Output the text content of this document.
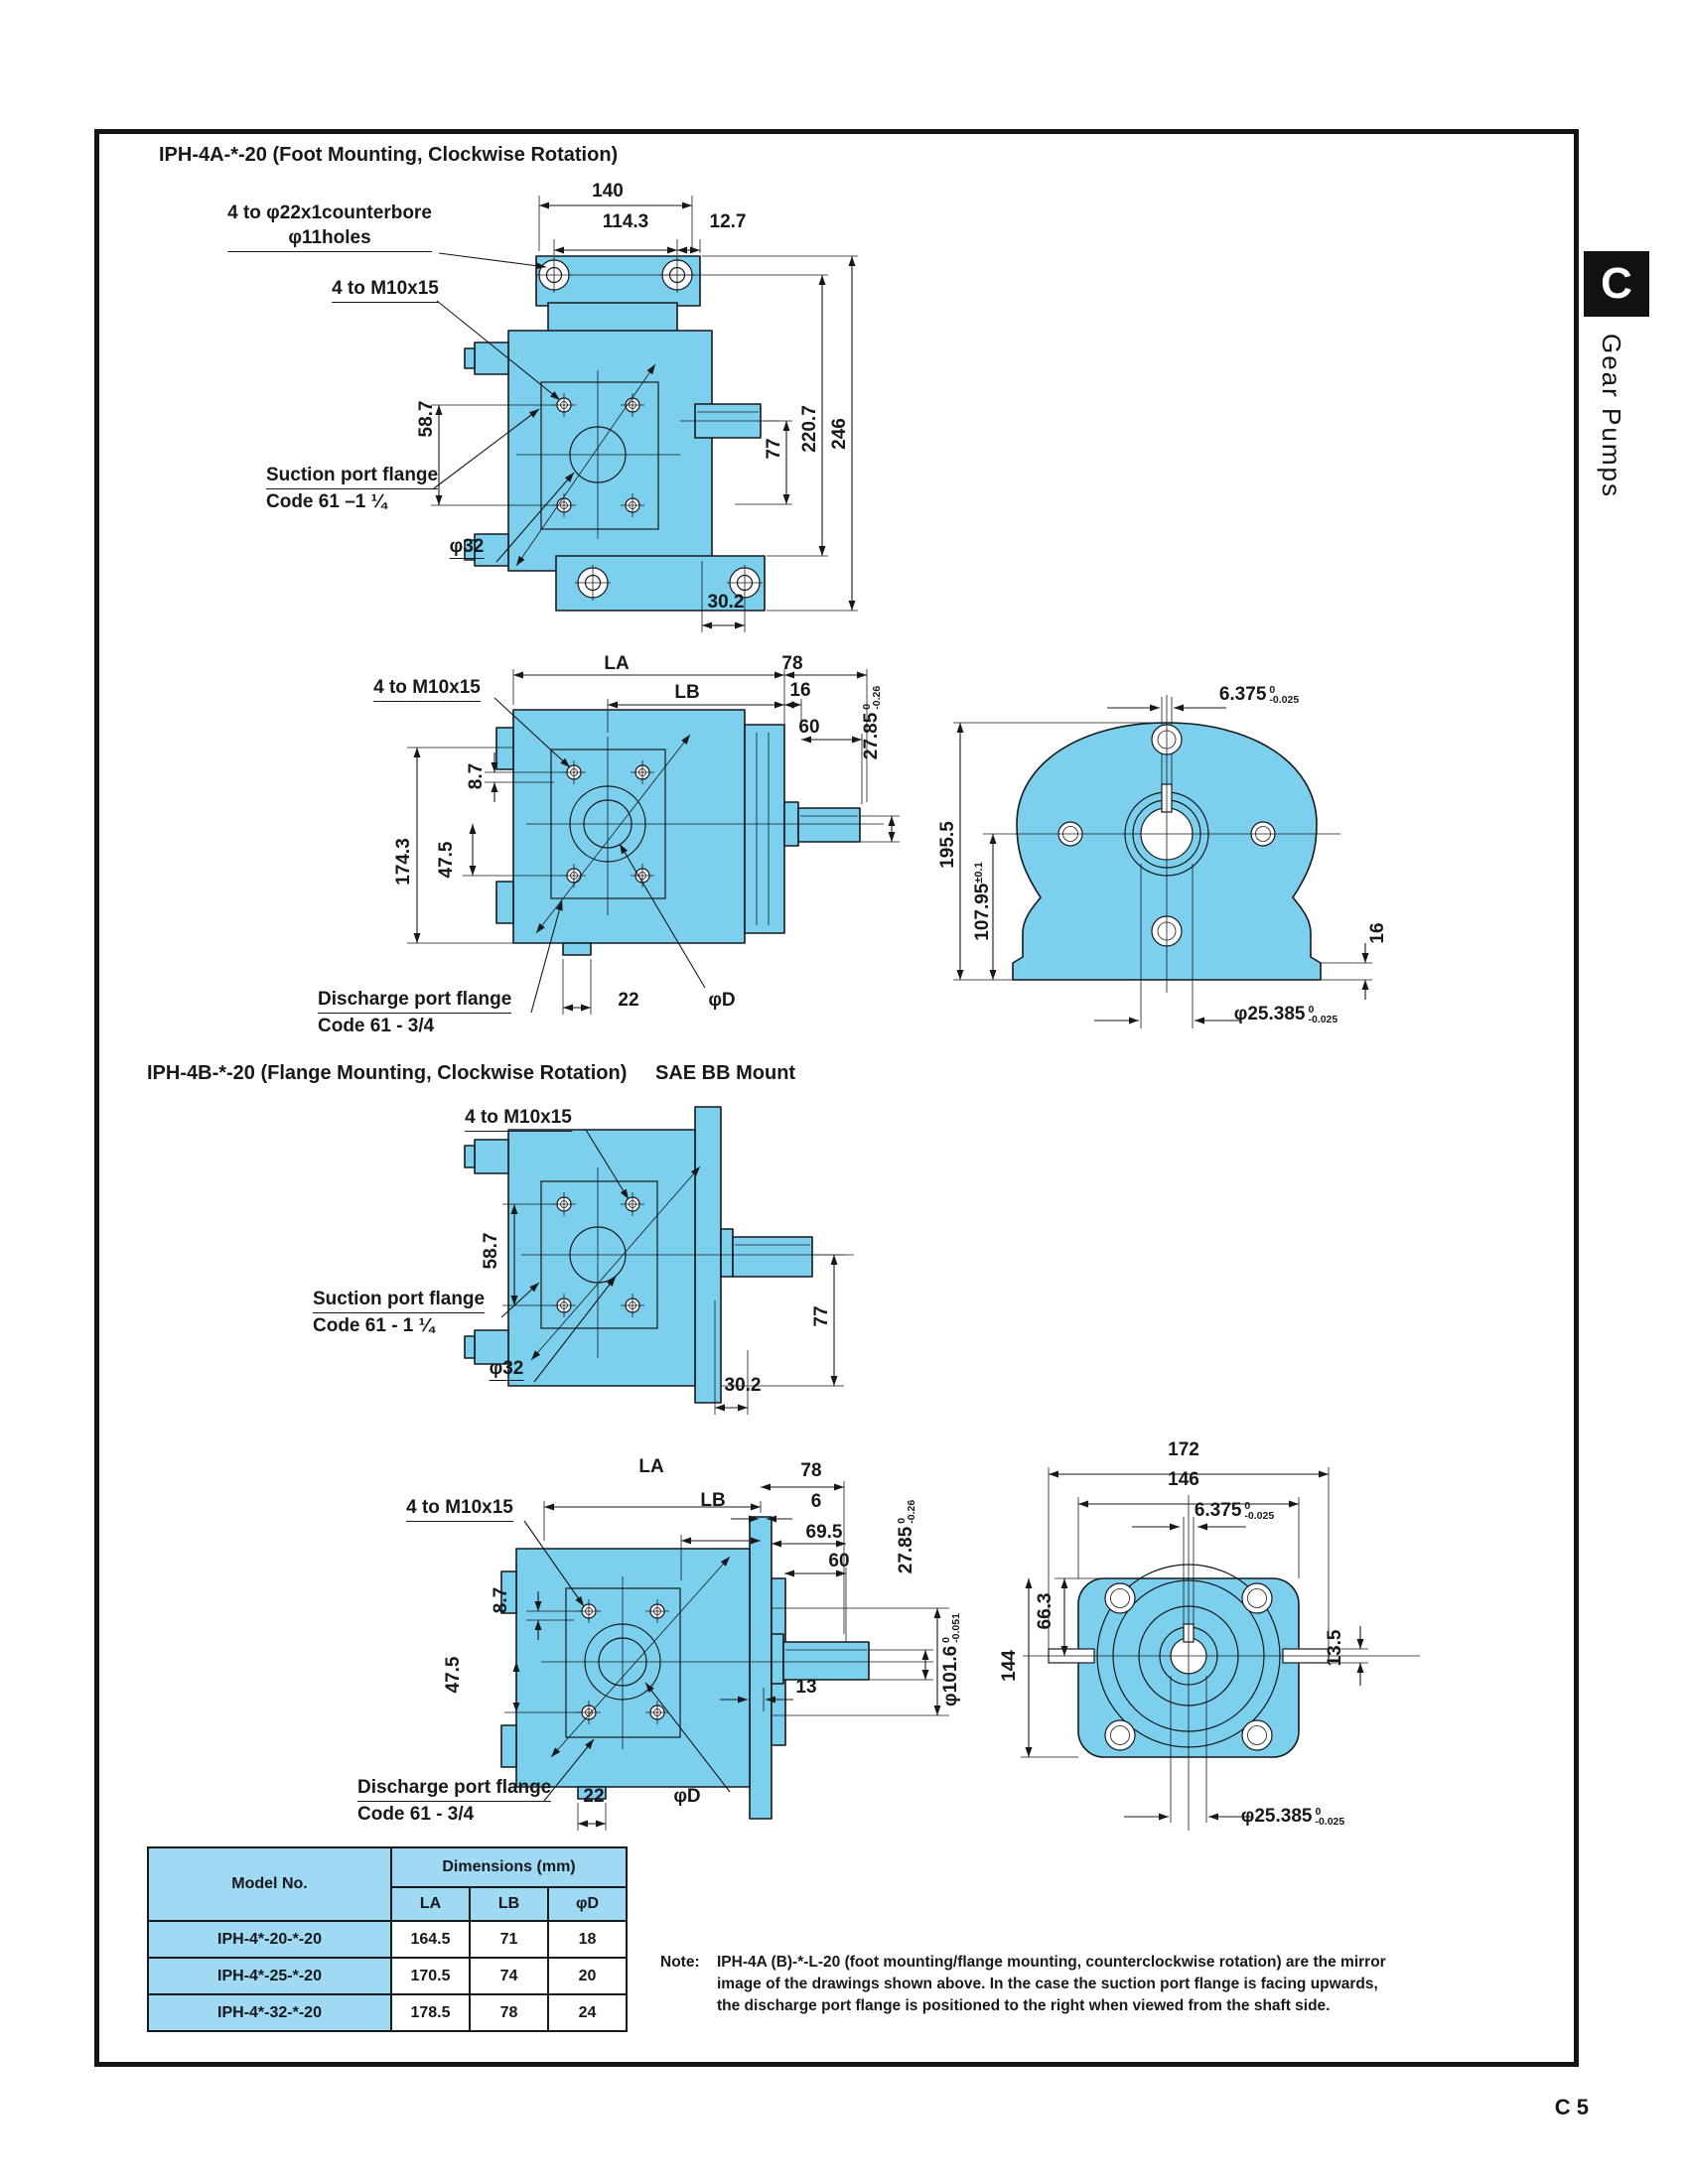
IPH-4A-*-20 (Foot Mounting, Clockwise Rotation)
4 to φ22x1counterbore
φ11holes
4 to M10x15
Suction port flange
Code 61 –1 ¼
φ32
140
114.3	12.7
58.7
77 220.7 246
30.2
4 to M10x15
Discharge port flange
Code 61 - 3/4
LA
LB
78
16
60 27.85
0
-0.26
174.3 47.5
8.7
22	φD
6.375 0
-0.025
195.5
$107.95^{\pm 0.1}$
16
φ25.385 0
-0.025
IPH-4B-*-20 (Flange Mounting, Clockwise Rotation) SAE BB Mount
4 to M10x15
Suction port flange
Code 61 - 1 ¼
φ32
58.7
30.2
77
4 to M10x15
Discharge port flange
Code 61 - 3/4
LA
LB
78
6
69.5
60 27.85
0
-0.26
φ101.6
0
-0.051
13
8.7
47.5
22	φD
172
146
6.375 0
-0.025
66.3
144	13.5
φ25.385 0
-0.025
Model No.	Dimensions (mm)		
	LA	LB	φD
IPH-4*-20-*-20	164.5	71	18
IPH-4*-25-*-20	170.5	74	20
IPH-4*-32-*-20	178.5	78	24
Note: IPH-4A (B)-*-L-20 (foot mounting/flange mounting, counterclockwise rotation) are the mirror
image of the drawings shown above. In the case the suction port flange is facing upwards,
the discharge port flange is positioned to the right when viewed from the shaft side.
C
Gear Pumps
C 5
